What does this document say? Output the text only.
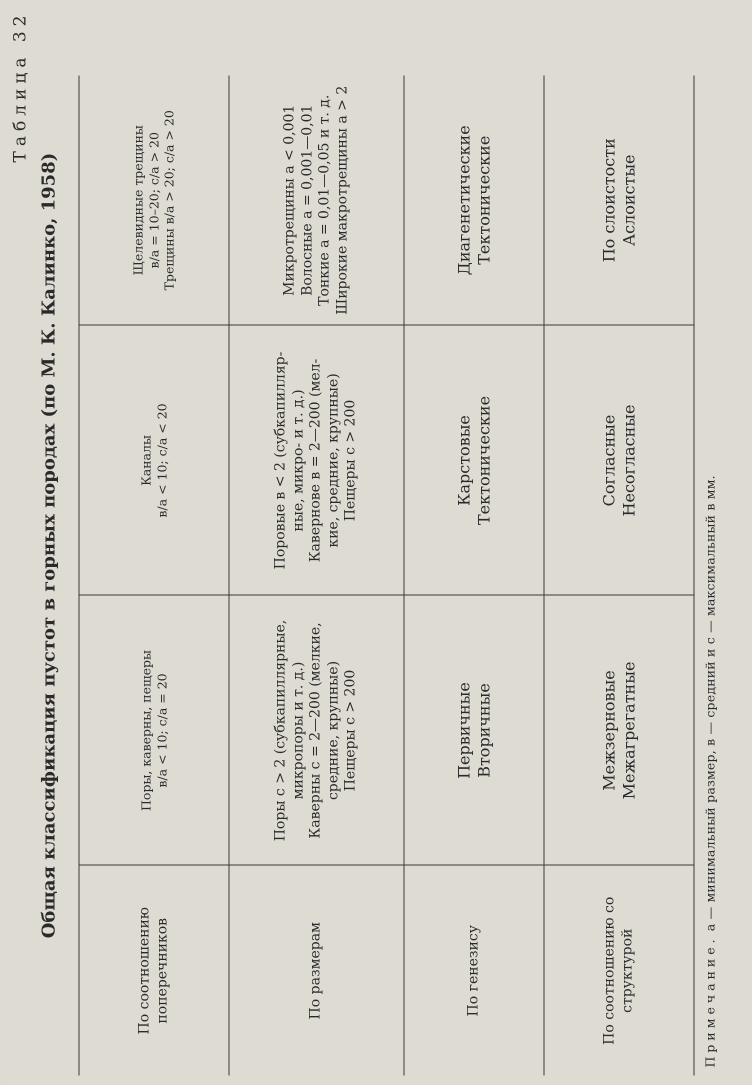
Таблица 32
Общая классификация пустот в горных породах (по М. К. Калинко, 1958)
По соотношению поперечников	Поры, каверны, пещеры в/а < 10; с/а = 20	Каналы в/а < 10; с/а < 20	Щелевидные трещины в/а = 10–20; с/а > 20 Трещины в/а > 20; с/а > 20

По размерам	Поры с > 2 (субкапиллярные, микропоры и т. д.) Каверны с = 2—200 (мелкие, средние, крупные) Пещеры с > 200	Поровые в < 2 (субкапилляр- ные, микро- и т. д.) Кавернове в = 2—200 (мел- кие, средние, крупные) Пещеры с > 200	Микротрещины а < 0,001 Волосные а = 0,001—0,01 Тонкие а = 0,01—0,05 и т. д. Широкие макротрещины а > 2

По генезису	Первичные Вторичные	Карстовые Тектонические	Диагенетические Тектонические

По соотношению со структурой	Межзерновые Межагрегатные	Согласные Несогласные	По слоистости Аслоистые
Примечание. а — минимальный размер, в — средний и с — максимальный в мм.
